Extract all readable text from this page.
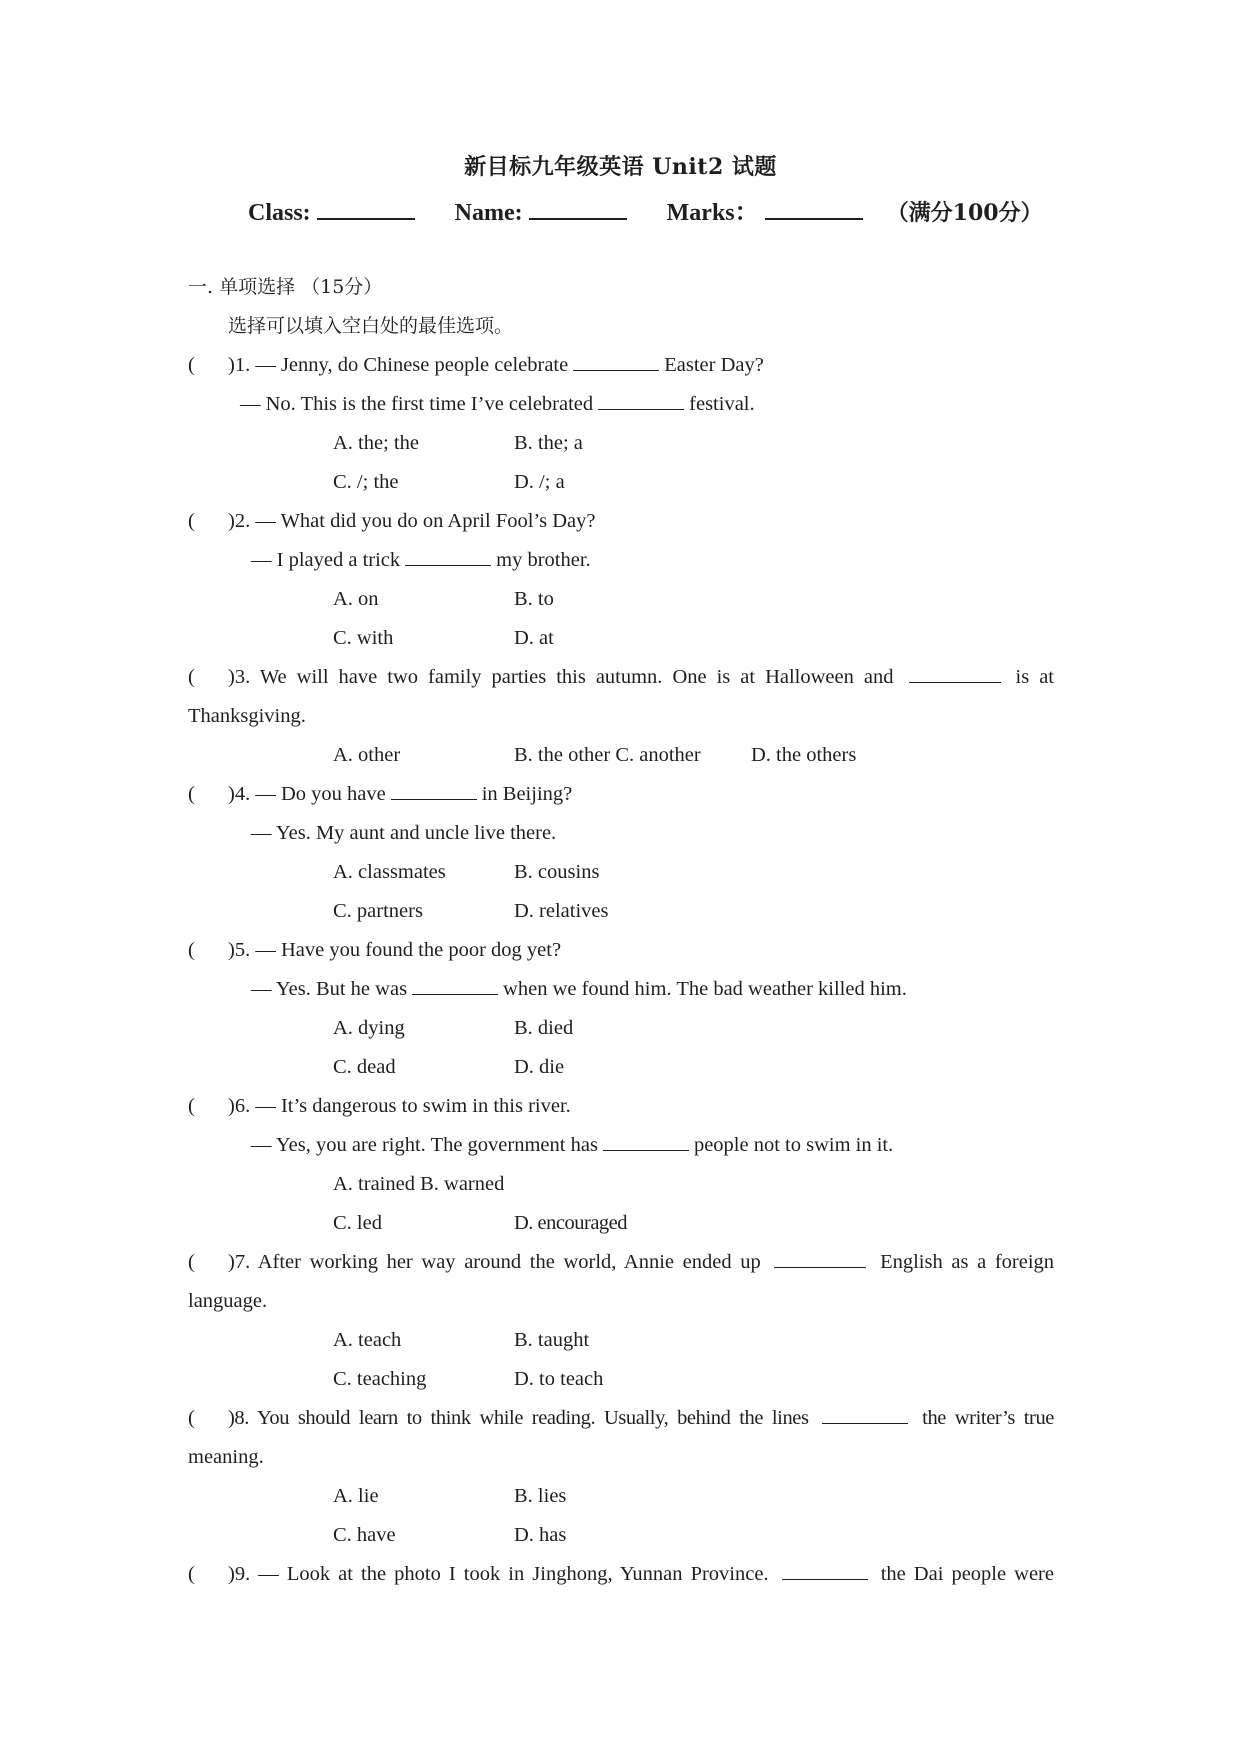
新目标九年级英语 Unit2 试题
Class:	Name:	Marks：	（满分100分）
一. 单项选择 （15分）
选择可以填入空白处的最佳选项。
( )1. — Jenny, do Chinese people celebrate	Easter Day?
— No. This is the first time I’ve celebrated	festival.
A. the; the	B. the; a
C. /; the	D. /; a
( )2. — What did you do on April Fool’s Day?
— I played a trick	my brother.
A. on	B. to
C. with	D. at
( )3. We will have two family parties this autumn. One is at Halloween and	is at
Thanksgiving.
A. other	B. the other C. another D. the others
( )4. — Do you have	in Beijing?
— Yes. My aunt and uncle live there.
A. classmates	B. cousins
C. partners	D. relatives
( )5. — Have you found the poor dog yet?
— Yes. But he was	when we found him. The bad weather killed him.
A. dying	B. died
C. dead	D. die
( )6. — It’s dangerous to swim in this river.
— Yes, you are right. The government has	people not to swim in it.
A. trained B. warned
C. led	D. encouraged
( )7. After working her way around the world, Annie ended up	English as a foreign
language.
A. teach	B. taught
C. teaching	D. to teach
( )8. You should learn to think while reading. Usually, behind the lines	the writer’s true
meaning.
A. lie	B. lies
C. have	D. has
( )9. — Look at the photo I took in Jinghong, Yunnan Province.	the Dai people were
